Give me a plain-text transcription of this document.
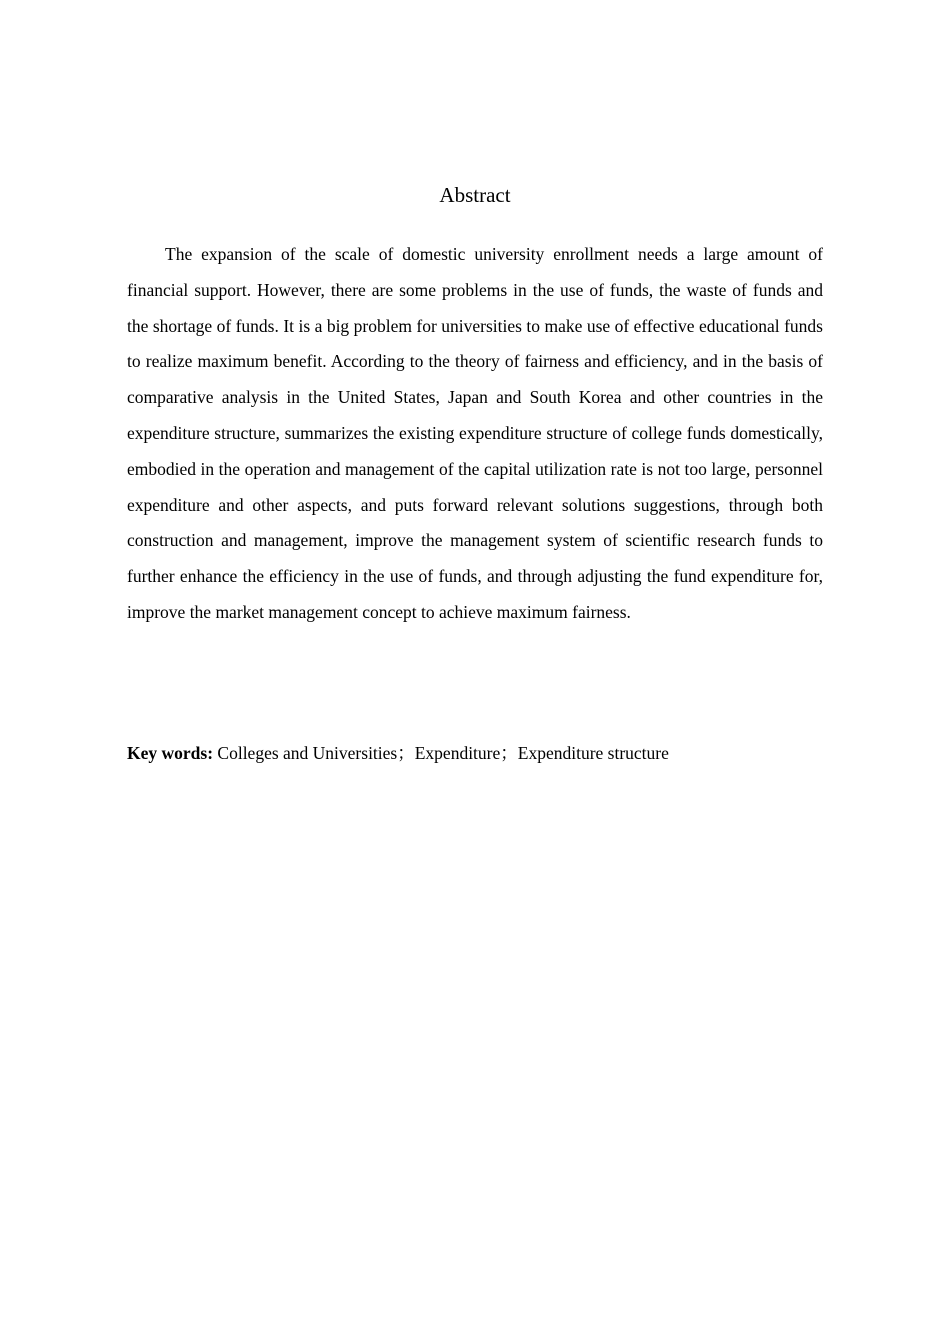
Abstract

The expansion of the scale of domestic university enrollment needs a large amount of financial support. However, there are some problems in the use of funds, the waste of funds and the shortage of funds. It is a big problem for universities to make use of effective educational funds to realize maximum benefit. According to the theory of fairness and efficiency, and in the basis of comparative analysis in the United States, Japan and South Korea and other countries in the expenditure structure, summarizes the existing expenditure structure of college funds domestically, embodied in the operation and management of the capital utilization rate is not too large, personnel expenditure and other aspects, and puts forward relevant solutions suggestions, through both construction and management, improve the management system of scientific research funds to further enhance the efficiency in the use of funds, and through adjusting the fund expenditure for, improve the market management concept to achieve maximum fairness.

Key words: Colleges and Universities；Expenditure；Expenditure structure
